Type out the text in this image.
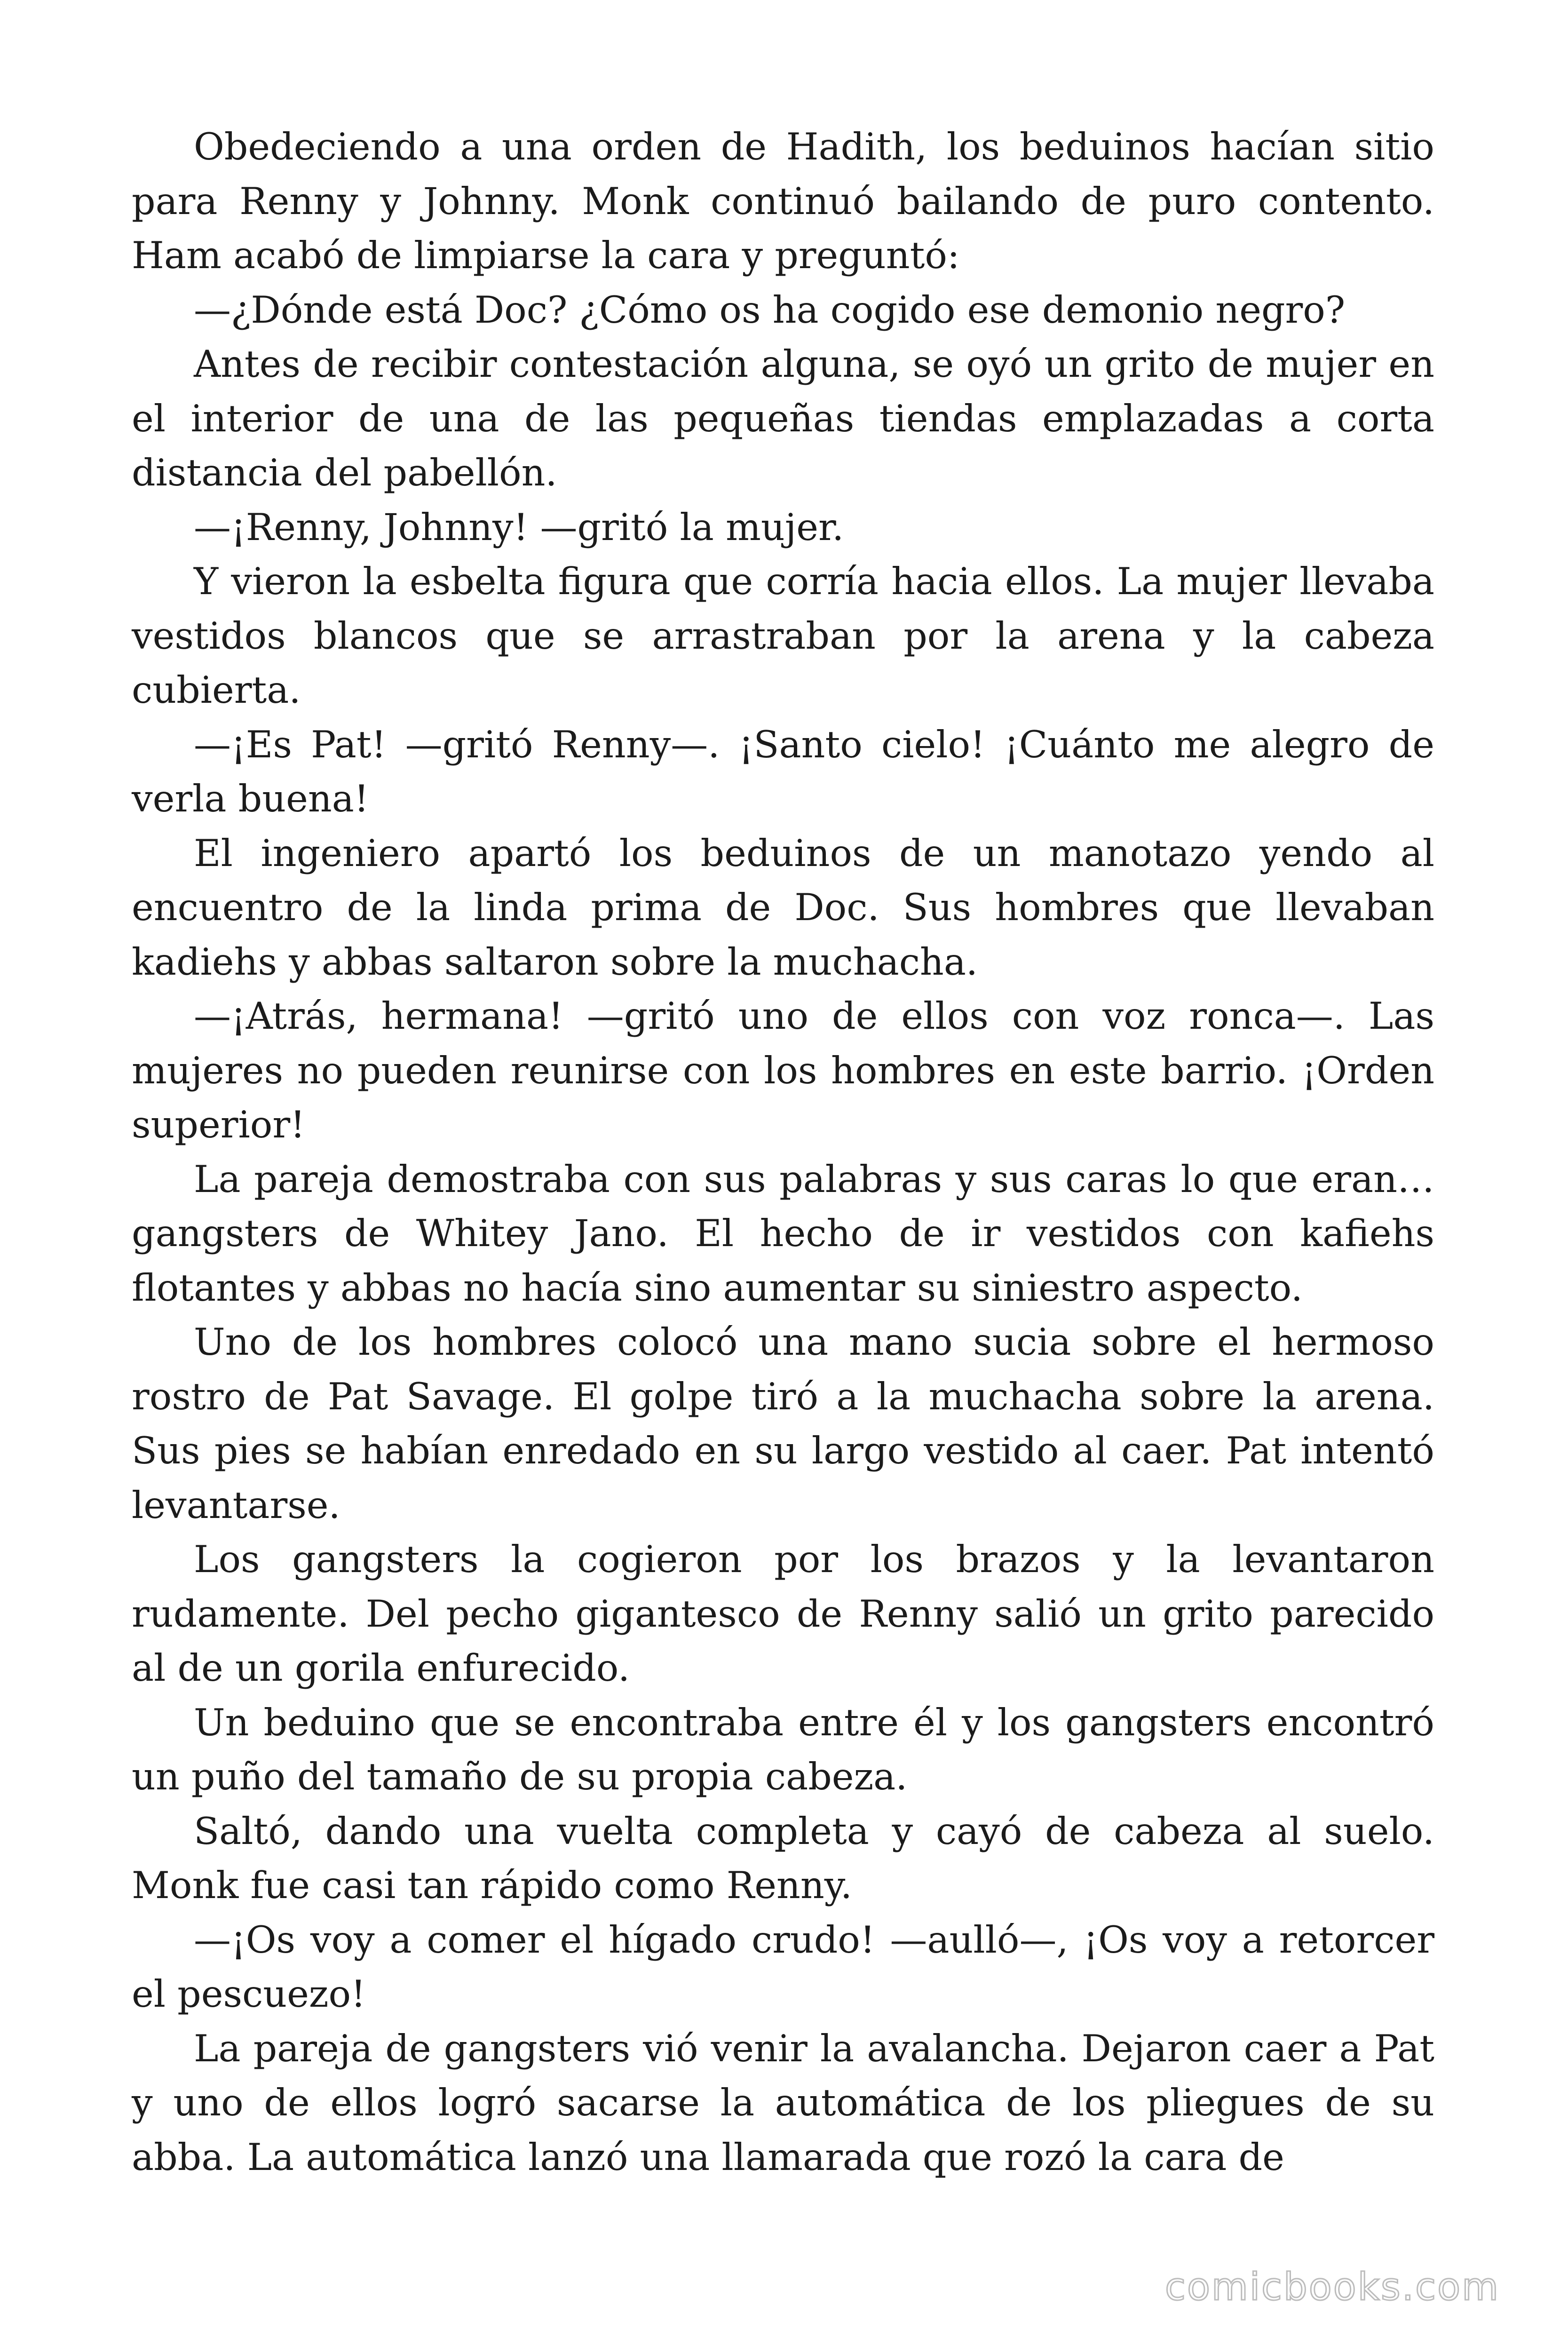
Obedeciendo a una orden de Hadith, los beduinos hacían sitio para Renny y Johnny. Monk continuó bailando de puro contento. Ham acabó de limpiarse la cara y preguntó:

—¿Dónde está Doc? ¿Cómo os ha cogido ese demonio negro?

Antes de recibir contestación alguna, se oyó un grito de mujer en el interior de una de las pequeñas tiendas emplazadas a corta distancia del pabellón.

—¡Renny, Johnny! —gritó la mujer.

Y vieron la esbelta figura que corría hacia ellos. La mujer llevaba vestidos blancos que se arrastraban por la arena y la cabeza cubierta.

—¡Es Pat! —gritó Renny—. ¡Santo cielo! ¡Cuánto me alegro de verla buena!

El ingeniero apartó los beduinos de un manotazo yendo al encuentro de la linda prima de Doc. Sus hombres que llevaban kadiehs y abbas saltaron sobre la muchacha.

—¡Atrás, hermana! —gritó uno de ellos con voz ronca—. Las mujeres no pueden reunirse con los hombres en este barrio. ¡Orden superior!

La pareja demostraba con sus palabras y sus caras lo que eran… gangsters de Whitey Jano. El hecho de ir vestidos con kafiehs flotantes y abbas no hacía sino aumentar su siniestro aspecto.

Uno de los hombres colocó una mano sucia sobre el hermoso rostro de Pat Savage. El golpe tiró a la muchacha sobre la arena. Sus pies se habían enredado en su largo vestido al caer. Pat intentó levantarse.

Los gangsters la cogieron por los brazos y la levantaron rudamente. Del pecho gigantesco de Renny salió un grito parecido al de un gorila enfurecido.

Un beduino que se encontraba entre él y los gangsters encontró un puño del tamaño de su propia cabeza.

Saltó, dando una vuelta completa y cayó de cabeza al suelo. Monk fue casi tan rápido como Renny.

—¡Os voy a comer el hígado crudo! —aulló—, ¡Os voy a retorcer el pescuezo!

La pareja de gangsters vió venir la avalancha. Dejaron caer a Pat y uno de ellos logró sacarse la automática de los pliegues de su abba. La automática lanzó una llamarada que rozó la cara de

comicbooks.com
